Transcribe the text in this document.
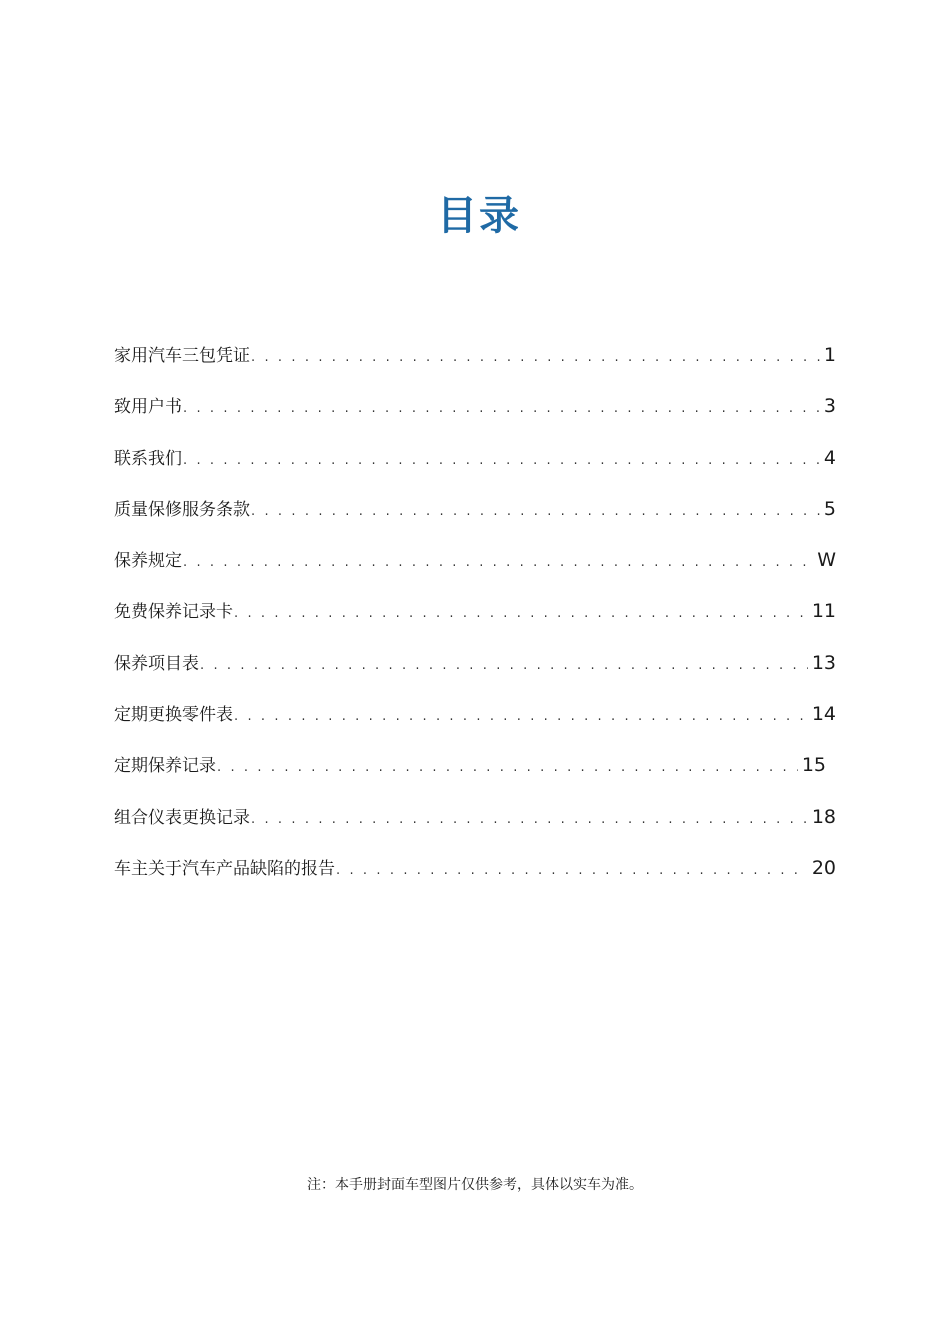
目录
家用汽车三包凭证 . . .	1
致用户书 . . .	3
联系我们 . . .	4
质量保修服务条款 . . .	5
保养规定 . . .	W
免费保养记录卡 . . .	11
保养项目表 . . .	13
定期更换零件表 . . .	14
定期保养记录 . . .	15
组合仪表更换记录 . . .	18
车主关于汽车产品缺陷的报告 . . .	20
注：本手册封面车型图片仅供参考，具体以实车为准。
